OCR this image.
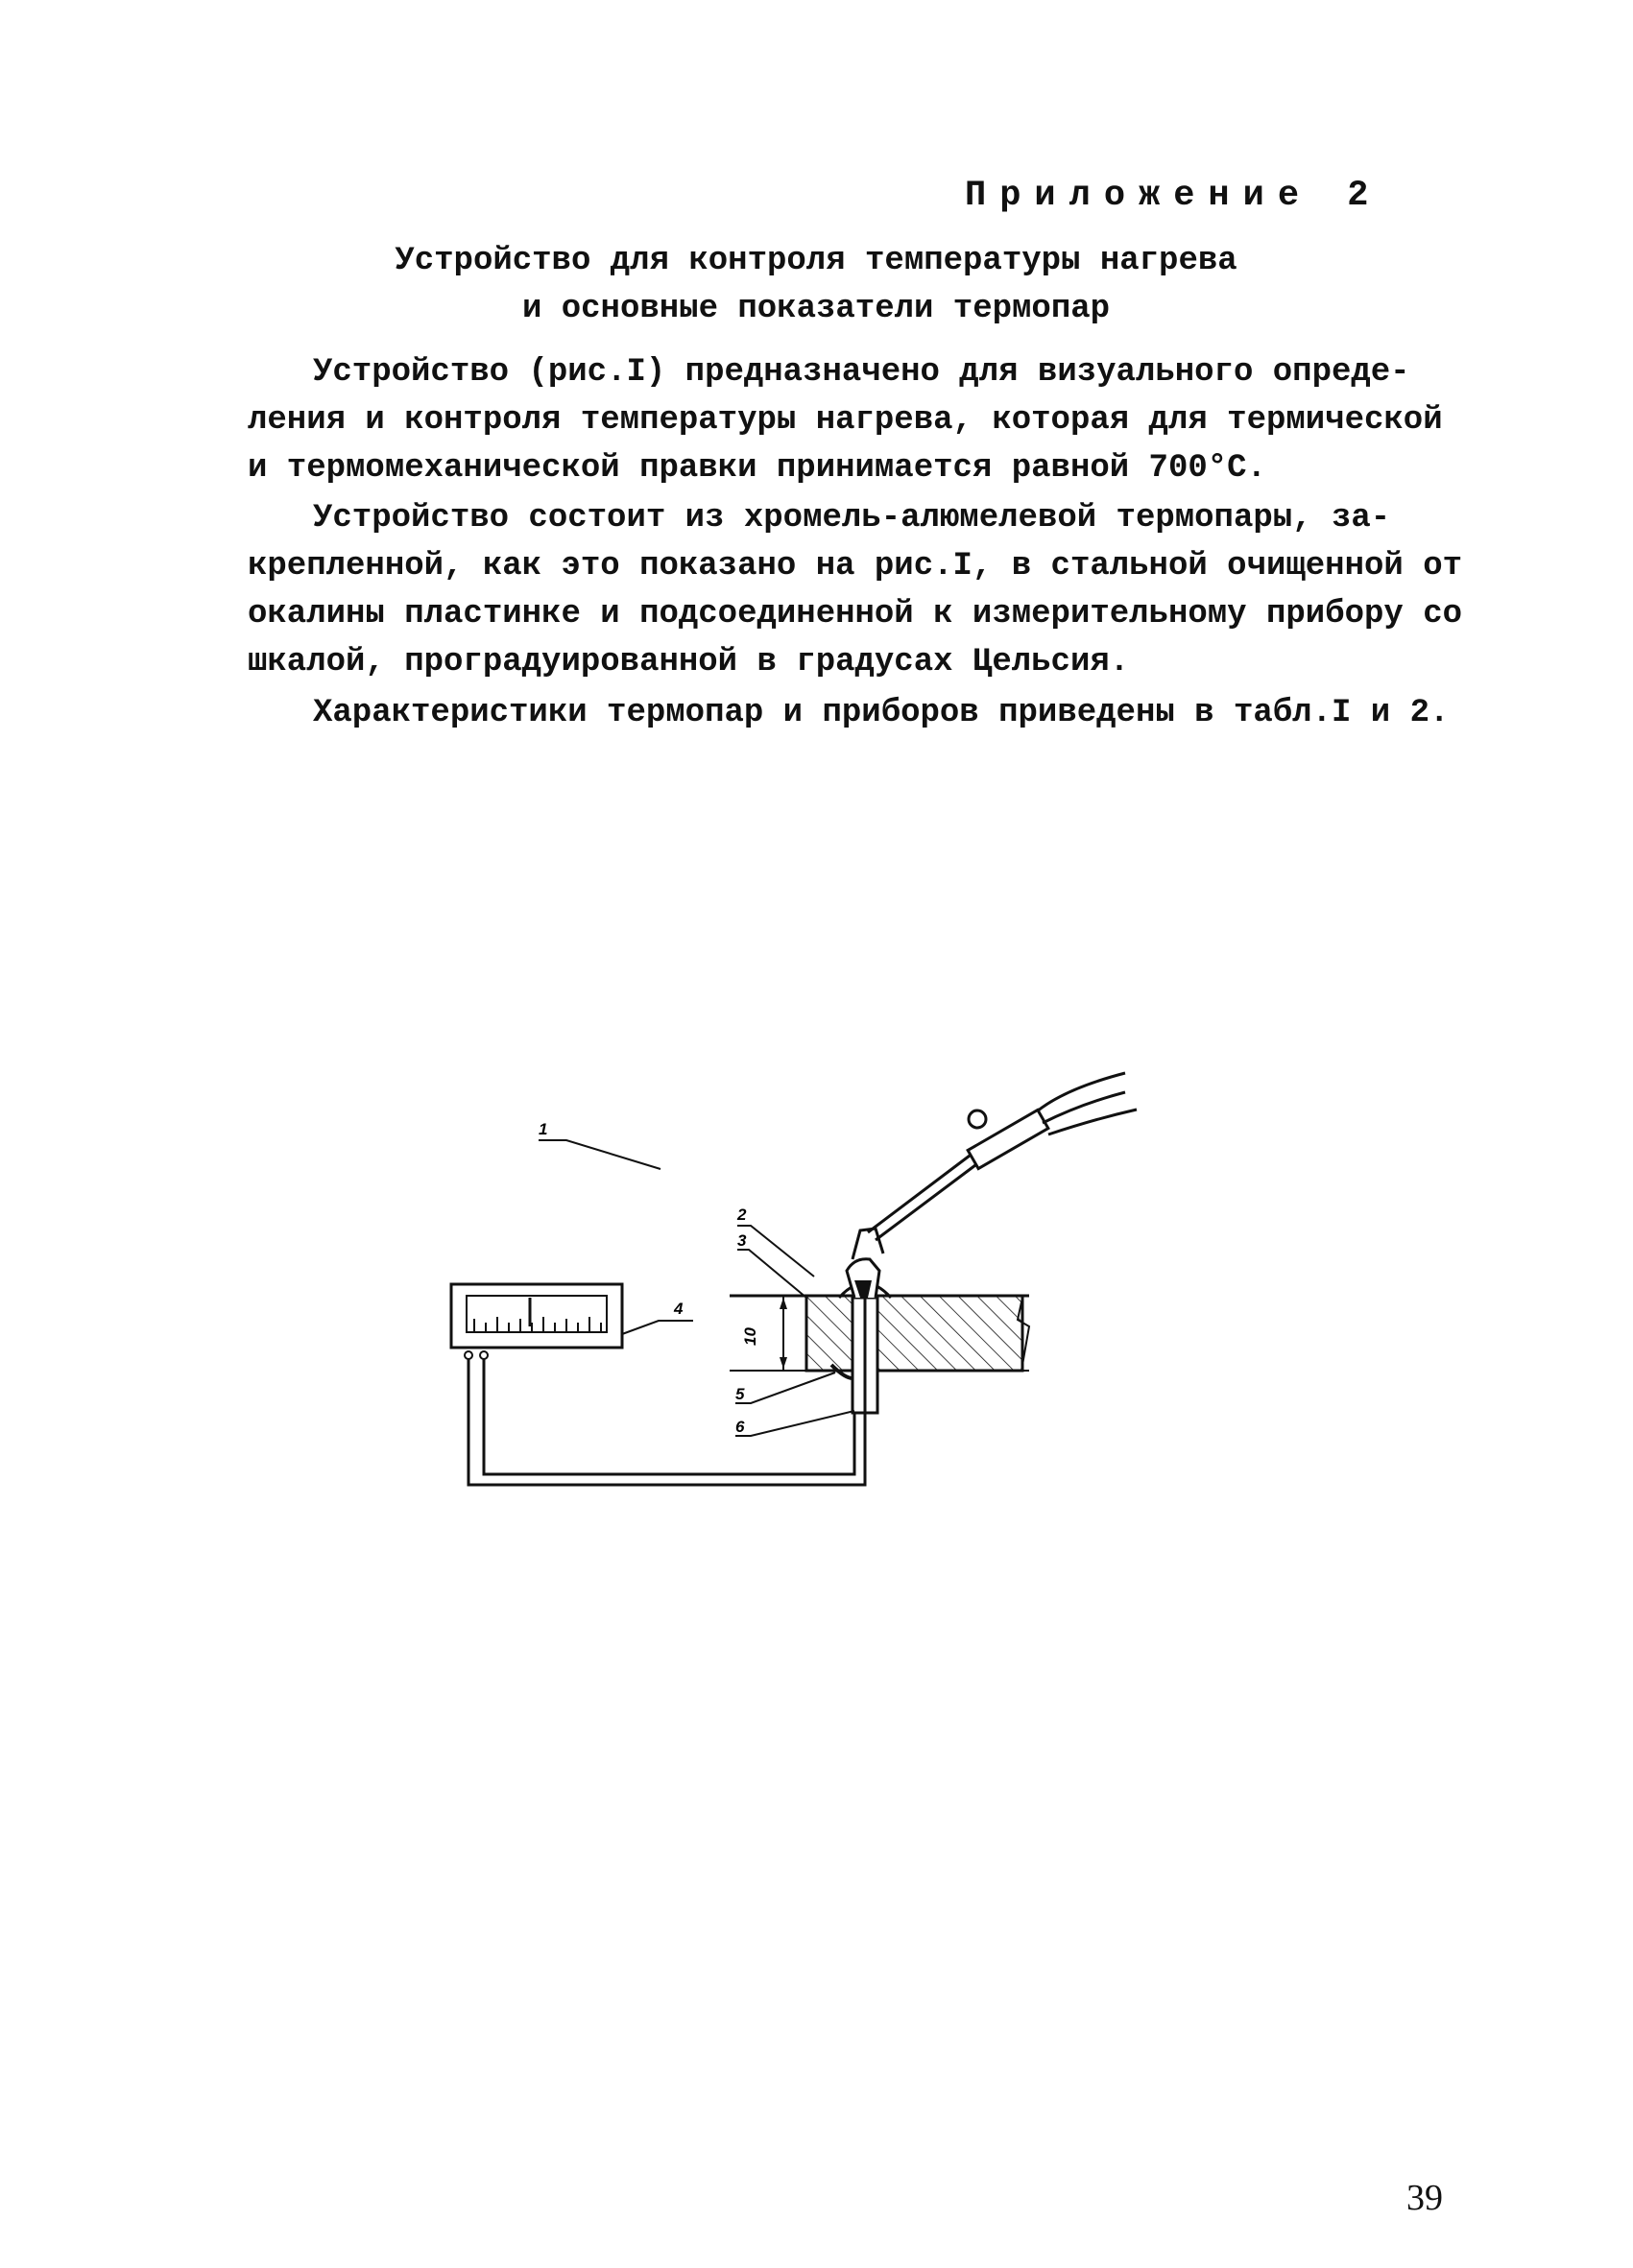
Приложение 2
Устройство для контроля температуры нагрева
и основные показатели термопар
Устройство (рис.I) предназначено для визуального опреде-
ления и контроля температуры нагрева, которая для термической
и термомеханической правки принимается равной 700°С.
Устройство состоит из хромель-алюмелевой термопары, за-
крепленной, как это показано на рис.I, в стальной очищенной от
окалины пластинке и подсоединенной к измерительному прибору со
шкалой, проградуированной в градусах Цельсия.
Характеристики термопар и приборов приведены в табл.I и 2.
10
1
2
3
4
5
6
39
